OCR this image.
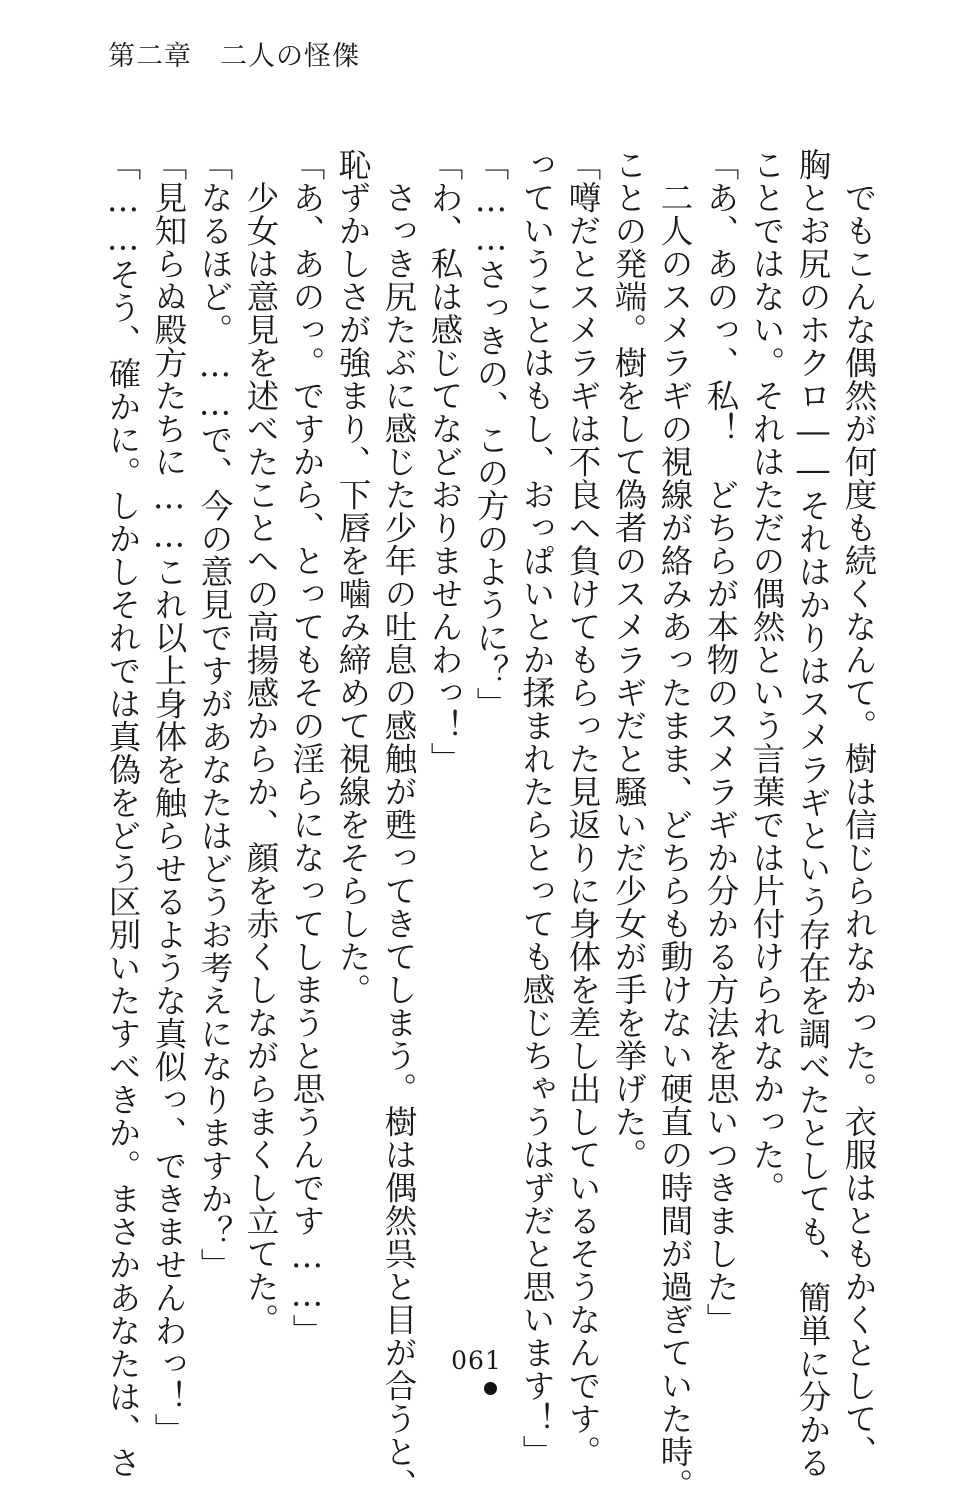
第二章　二人の怪傑
　でもこんな偶然が何度も続くなんて。樹は信じられなかった。衣服はともかくとして、
胸とお尻のホクロ――それはかりはスメラギという存在を調べたとしても、簡単に分かる
ことではない。それはただの偶然という言葉では片付けられなかった。
「あ、あのっ、私！　どちらが本物のスメラギか分かる方法を思いつきました」
　二人のスメラギの視線が絡みあったまま、どちらも動けない硬直の時間が過ぎていた時。
ことの発端。樹をして偽者のスメラギだと騒いだ少女が手を挙げた。
「噂だとスメラギは不良へ負けてもらった見返りに身体を差し出しているそうなんです。
っていうことはもし、おっぱいとか揉まれたらとっても感じちゃうはずだと思います！」
「……さっきの、この方のように？」
「わ、私は感じてなどおりませんわっ！」
　さっき尻たぶに感じた少年の吐息の感触が甦ってきてしまう。樹は偶然呉と目が合うと、
恥ずかしさが強まり、下唇を噛み締めて視線をそらした。
「あ、あのっ。ですから、とってもその淫らになってしまうと思うんです……」
　少女は意見を述べたことへの高揚感からか、顔を赤くしながらまくし立てた。
「なるほど。……で、今の意見ですがあなたはどうお考えになりますか？」
「見知らぬ殿方たちに……これ以上身体を触らせるような真似っ、できませんわっ！」
「……そう、確かに。しかしそれでは真偽をどう区別いたすべきか。まさかあなたは、さ	061
